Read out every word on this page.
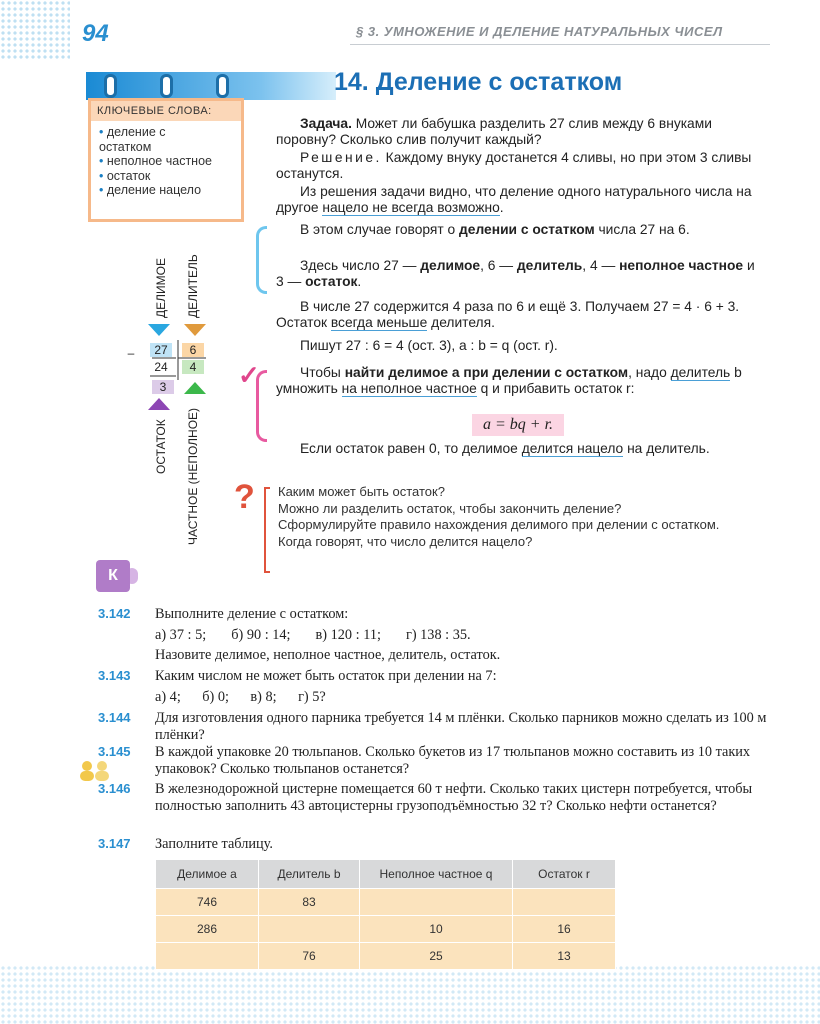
94	§ 3. УМНОЖЕНИЕ И ДЕЛЕНИЕ НАТУРАЛЬНЫХ ЧИСЕЛ
14. Деление с остатком
КЛЮЧЕВЫЕ СЛОВА:
• деление с остатком
• неполное частное
• остаток
• деление нацело
Задача. Может ли бабушка разделить 27 слив между 6 внуками поровну? Сколько слив получит каждый?
Решение. Каждому внуку достанется 4 сливы, но при этом 3 сливы останутся.
Из решения задачи видно, что деление одного натурального числа на другое нацело не всегда возможно.
В этом случае говорят о делении с остатком числа 27 на 6.
Здесь число 27 — делимое, 6 — делитель, 4 — неполное частное и 3 — остаток.
В числе 27 содержится 4 раза по 6 и ещё 3. Получаем 27 = 4 · 6 + 3. Остаток всегда меньше делителя.
Пишут 27 : 6 = 4 (ост. 3), a : b = q (ост. r).
✓	Чтобы найти делимое a при делении с остатком, надо делитель b умножить на неполное частное q и прибавить остаток r:
a = bq + r.
Если остаток равен 0, то делимое делится нацело на делитель.
? Каким может быть остаток?
Можно ли разделить остаток, чтобы закончить деление?
Сформулируйте правило нахождения делимого при делении с остатком.
Когда говорят, что число делится нацело?
ДЕЛИМОЕ ДЕЛИТЕЛЬ
–	27
24
6
4
3
ОСТАТОК ЧАСТНОЕ (НЕПОЛНОЕ)
К
3.142 Выполните деление с остатком:
а) 37 : 5;       б) 90 : 14;       в) 120 : 11;       г) 138 : 35.
Назовите делимое, неполное частное, делитель, остаток.
3.143 Каким числом не может быть остаток при делении на 7:
а) 4;      б) 0;      в) 8;      г) 5?
3.144 Для изготовления одного парника требуется 14 м плёнки. Сколько парников можно сделать из 100 м плёнки?
3.145 В каждой упаковке 20 тюльпанов. Сколько букетов из 17 тюльпанов можно составить из 10 таких упаковок? Сколько тюльпанов останется?
3.146 В железнодорожной цистерне помещается 60 т нефти. Сколько таких цистерн потребуется, чтобы полностью заполнить 43 автоцистерны грузоподъёмностью 32 т? Сколько нефти останется?
3.147 Заполните таблицу.
Делимое a	Делитель b	Неполное частное q	Остаток r
746	83		
286		10	16
	76	25	13
